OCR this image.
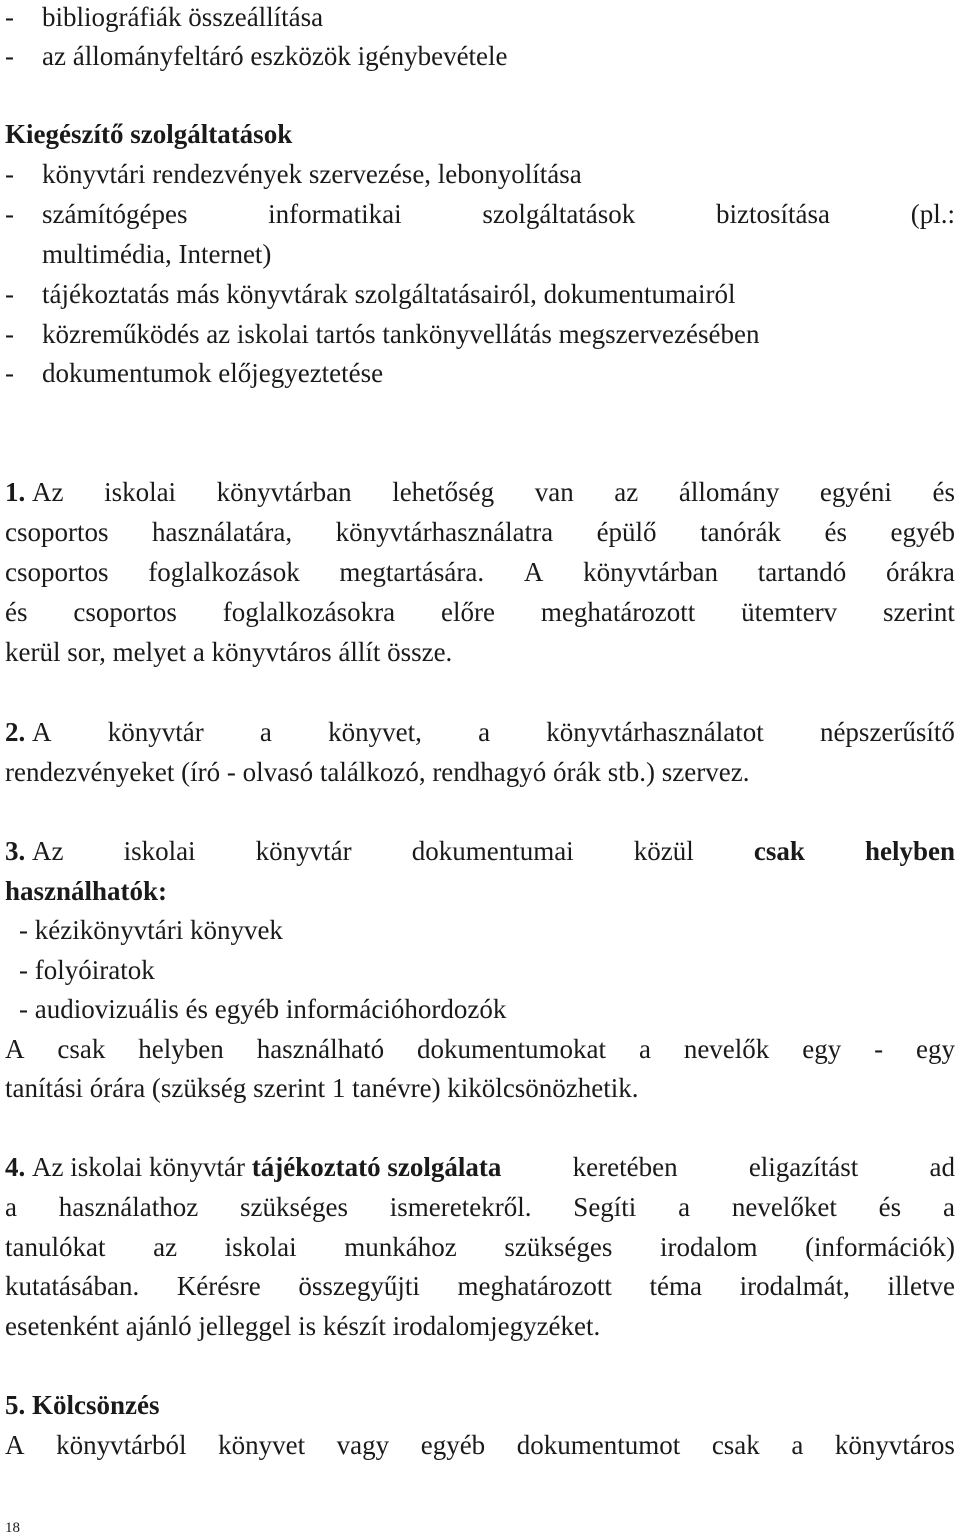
- bibliográfiák összeállítása
- az állományfeltáró eszközök igénybevétele
Kiegészítő szolgáltatások
- könyvtári rendezvények szervezése, lebonyolítása
-	számítógépes	informatikai	szolgáltatások	biztosítása	(pl.:
multimédia, Internet)
- tájékoztatás más könyvtárak szolgáltatásairól, dokumentumairól
- közreműködés az iskolai tartós tankönyvellátás megszervezésében
- dokumentumok előjegyeztetése
1. Az iskolai könyvtárban lehetőség van az állomány egyéni és
csoportos használatára, könyvtárhasználatra épülő tanórák és egyéb
csoportos foglalkozások megtartására. A könyvtárban tartandó órákra
és csoportos foglalkozásokra előre meghatározott ütemterv szerint
kerül sor, melyet a könyvtáros állít össze.
2. A könyvtár a könyvet, a könyvtárhasználatot népszerűsítő
rendezvényeket (író - olvasó találkozó, rendhagyó órák stb.) szervez.
3. Az iskolai könyvtár dokumentumai közül csak helyben
használhatók:
- kézikönyvtári könyvek
- folyóiratok
- audiovizuális és egyéb információhordozók
A csak helyben használható dokumentumokat a nevelők egy - egy
tanítási órára (szükség szerint 1 tanévre) kikölcsönözhetik.
4. Az iskolai könyvtár tájékoztató szolgálata	keretében	eligazítást	ad
a használathoz szükséges ismeretekről. Segíti a nevelőket és a
tanulókat az iskolai munkához szükséges irodalom (információk)
kutatásában. Kérésre összegyűjti meghatározott téma irodalmát, illetve
esetenként ajánló jelleggel is készít irodalomjegyzéket.
5. Kölcsönzés
A könyvtárból könyvet vagy egyéb dokumentumot csak a könyvtáros
18
